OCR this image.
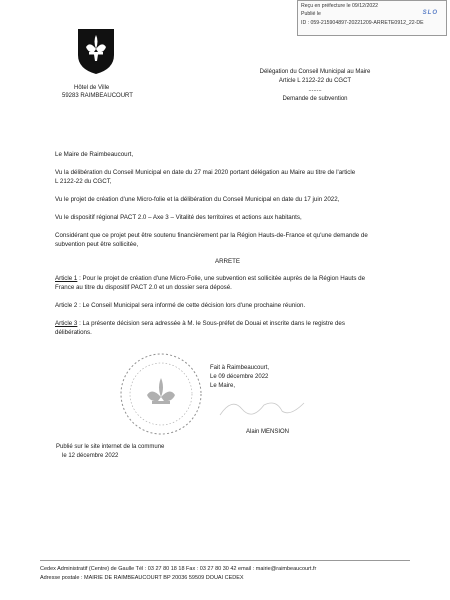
Reçu en préfecture le 09/12/2022
Publié le
ID : 059-215904897-20221209-ARRETE0912_22-DE
SLO
Hôtel de Ville
59283 RAIMBEAUCOURT
Délégation du Conseil Municipal au Maire
Article L 2122-22 du CGCT
........
Demande de subvention
Le Maire de Raimbeaucourt,
Vu la délibération du Conseil Municipal en date du 27 mai 2020 portant délégation au Maire au titre de l'article
L 2122-22 du CGCT,
Vu le projet de création d'une Micro-folie et la délibération du Conseil Municipal en date du 17 juin 2022,
Vu le dispositif régional PACT 2.0 – Axe 3 – Vitalité des territoires et actions aux habitants,
Considérant que ce projet peut être soutenu financièrement par la Région Hauts-de-France et qu'une demande de
subvention peut être sollicitée,
ARRETE
Article 1 : Pour le projet de création d'une Micro-Folie, une subvention est sollicitée auprès de la Région Hauts de
France au titre du dispositif PACT 2.0 et un dossier sera déposé.
Article 2 : Le Conseil Municipal sera informé de cette décision lors d'une prochaine réunion.
Article 3 : La présente décision sera adressée à M. le Sous-préfet de Douai et inscrite dans le registre des
délibérations.
Fait à Raimbeaucourt,
Le 09 décembre 2022
Le Maire,
Alain MENSION
Publié sur le site internet de la commune
le 12 décembre 2022
Cedex Administratif (Centre) de Gaulle Tél : 03 27 80 18 18 Fax : 03 27 80 30 42 email : mairie@raimbeaucourt.fr
Adresse postale : MAIRIE DE RAIMBEAUCOURT BP 20036 59509 DOUAI CEDEX
